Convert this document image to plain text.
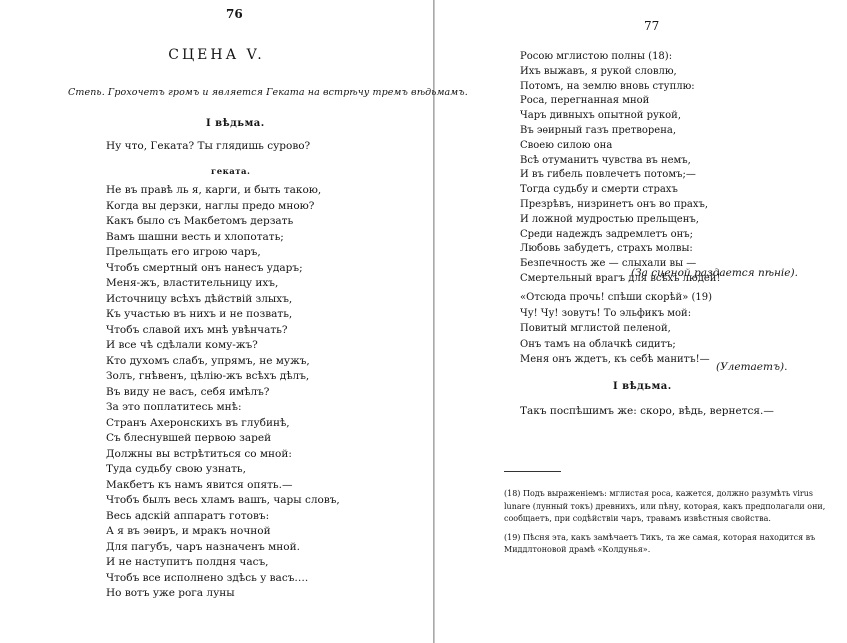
76
СЦЕНА V.
Степь. Грохочетъ громъ и является Геката на встрѣчу тремъ вѣдьмамъ.
I вѣдьма.
Ну что, Геката? Ты глядишь сурово?
геката.
Не въ правѣ ль я, карги, и быть такою,
Когда вы дерзки, наглы предо мною?
Какъ было съ Макбетомъ дерзать
Вамъ шашни весть и хлопотать;
Прельщать его игрою чаръ,
Чтобъ смертный онъ нанесъ ударъ;
Меня-жъ, властительницу ихъ,
Источницу всѣхъ дѣйствій злыхъ,
Къ участью въ нихъ и не позвать,
Чтобъ славой ихъ мнѣ увѣнчать?
И все чѣ сдѣлали кому-жъ?
Кто духомъ слабъ, упрямъ, не мужъ,
Золъ, гнѣвенъ, цѣлію-жъ всѣхъ дѣлъ,
Въ виду не васъ, себя имѣлъ?
За это поплатитесь мнѣ:
Странъ Ахеронскихъ въ глубинѣ,
Съ блеснувшей первою зарей
Должны вы встрѣтиться со мной:
Туда судьбу свою узнать,
Макбетъ къ намъ явится опять.—
Чтобъ былъ весь хламъ вашъ, чары словъ,
Весь адскій аппаратъ готовъ:
А я въ эѳиръ, и мракъ ночной
Для пагубъ, чаръ назначенъ мной.
И не наступитъ полдня часъ,
Чтобъ все исполнено здѣсь у васъ….
Но вотъ уже рога луны
77
Росою мглистою полны (18):
Ихъ выжавъ, я рукой словлю,
Потомъ, на землю вновь ступлю:
Роса, перегнанная мной
Чаръ дивныхъ опытной рукой,
Въ эѳирный газъ претворена,
Своею силою она
Всѣ отуманитъ чувства въ немъ,
И въ гибель повлечетъ потомъ;—
Тогда судьбу и смерти страхъ
Презрѣвъ, низринетъ онъ во прахъ,
И ложной мудростью прельщенъ,
Среди надеждъ задремлетъ онъ;
Любовь забудетъ, страхъ молвы:
Безпечность же — слыхали вы —
Смертельный врагъ для всѣхъ людей!
(За сценой раздается пѣніе).
«Отсюда прочь! спѣши скорѣй» (19)
Чу! Чу! зовутъ! То эльфикъ мой:
Повитый мглистой пеленой,
Онъ тамъ на облачкѣ сидитъ;
Меня онъ ждетъ, къ себѣ манитъ!—
(Улетаетъ).
I вѣдьма.
Такъ поспѣшимъ же: скоро, вѣдь, вернется.—
(18) Подъ выраженіемъ: мглистая роса, кажется, должно разумѣть virus
lunare (лунный токъ) древнихъ, или пѣну, которая, какъ предполагали они,
сообщаетъ, при содѣйствіи чаръ, травамъ извѣстныя свойства.
(19) Пѣсня эта, какъ замѣчаетъ Тикъ, та же самая, которая находится въ
Миддлтоновой драмѣ «Колдунья».
